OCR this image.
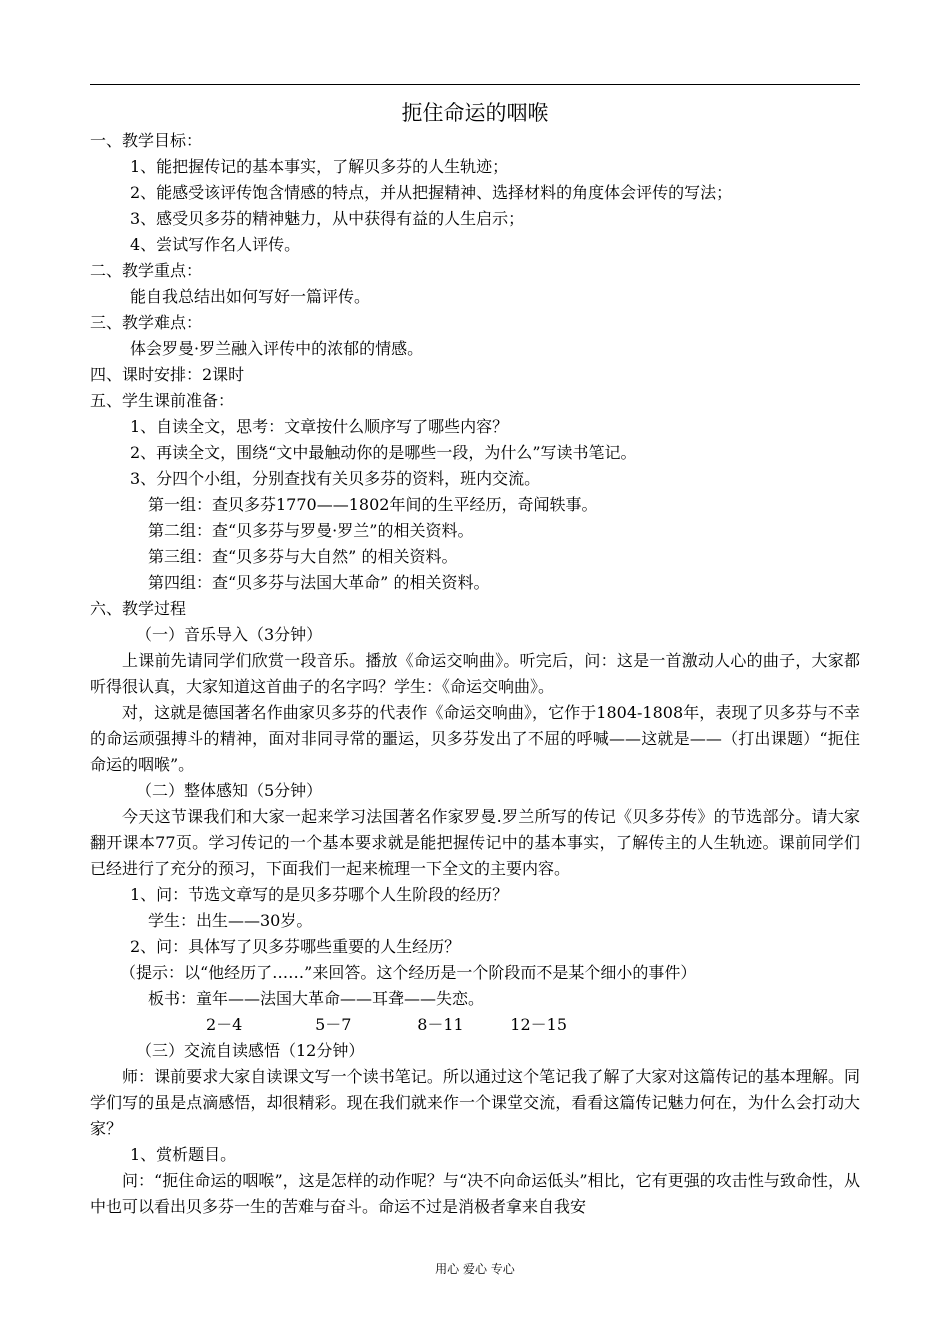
扼住命运的咽喉
一、教学目标：
1、能把握传记的基本事实，了解贝多芬的人生轨迹；
2、能感受该评传饱含情感的特点，并从把握精神、选择材料的角度体会评传的写法；
3、感受贝多芬的精神魅力，从中获得有益的人生启示；
4、尝试写作名人评传。
二、教学重点：
能自我总结出如何写好一篇评传。
三、教学难点：
体会罗曼·罗兰融入评传中的浓郁的情感。
四、课时安排：2课时
五、学生课前准备：
1、自读全文，思考：文章按什么顺序写了哪些内容？
2、再读全文，围绕“文中最触动你的是哪些一段，为什么”写读书笔记。
3、分四个小组，分别查找有关贝多芬的资料，班内交流。
第一组：查贝多芬1770——1802年间的生平经历，奇闻轶事。
第二组：查“贝多芬与罗曼·罗兰”的相关资料。
第三组：查“贝多芬与大自然” 的相关资料。
第四组：查“贝多芬与法国大革命” 的相关资料。
六、教学过程
（一）音乐导入（3分钟）
上课前先请同学们欣赏一段音乐。播放《命运交响曲》。听完后，问：这是一首激动人心的曲子，大家都听得很认真，大家知道这首曲子的名字吗？学生：《命运交响曲》。
对，这就是德国著名作曲家贝多芬的代表作《命运交响曲》，它作于1804-1808年，表现了贝多芬与不幸的命运顽强搏斗的精神，面对非同寻常的噩运，贝多芬发出了不屈的呼喊——这就是——（打出课题）“扼住命运的咽喉”。
（二）整体感知（5分钟）
今天这节课我们和大家一起来学习法国著名作家罗曼.罗兰所写的传记《贝多芬传》的节选部分。请大家翻开课本77页。学习传记的一个基本要求就是能把握传记中的基本事实，了解传主的人生轨迹。课前同学们已经进行了充分的预习，下面我们一起来梳理一下全文的主要内容。
1、问：节选文章写的是贝多芬哪个人生阶段的经历？
学生：出生——30岁。
2、问：具体写了贝多芬哪些重要的人生经历？
（提示：以“他经历了……”来回答。这个经历是一个阶段而不是某个细小的事件）
板书：童年——法国大革命——耳聋——失恋。
2－4	5－7	8－11	12－15
（三）交流自读感悟（12分钟）
师：课前要求大家自读课文写一个读书笔记。所以通过这个笔记我了解了大家对这篇传记的基本理解。同学们写的虽是点滴感悟，却很精彩。现在我们就来作一个课堂交流，看看这篇传记魅力何在，为什么会打动大家？
1、赏析题目。
问：“扼住命运的咽喉”，这是怎样的动作呢？与“决不向命运低头”相比，它有更强的攻击性与致命性，从中也可以看出贝多芬一生的苦难与奋斗。命运不过是消极者拿来自我安
用心 爱心 专心
